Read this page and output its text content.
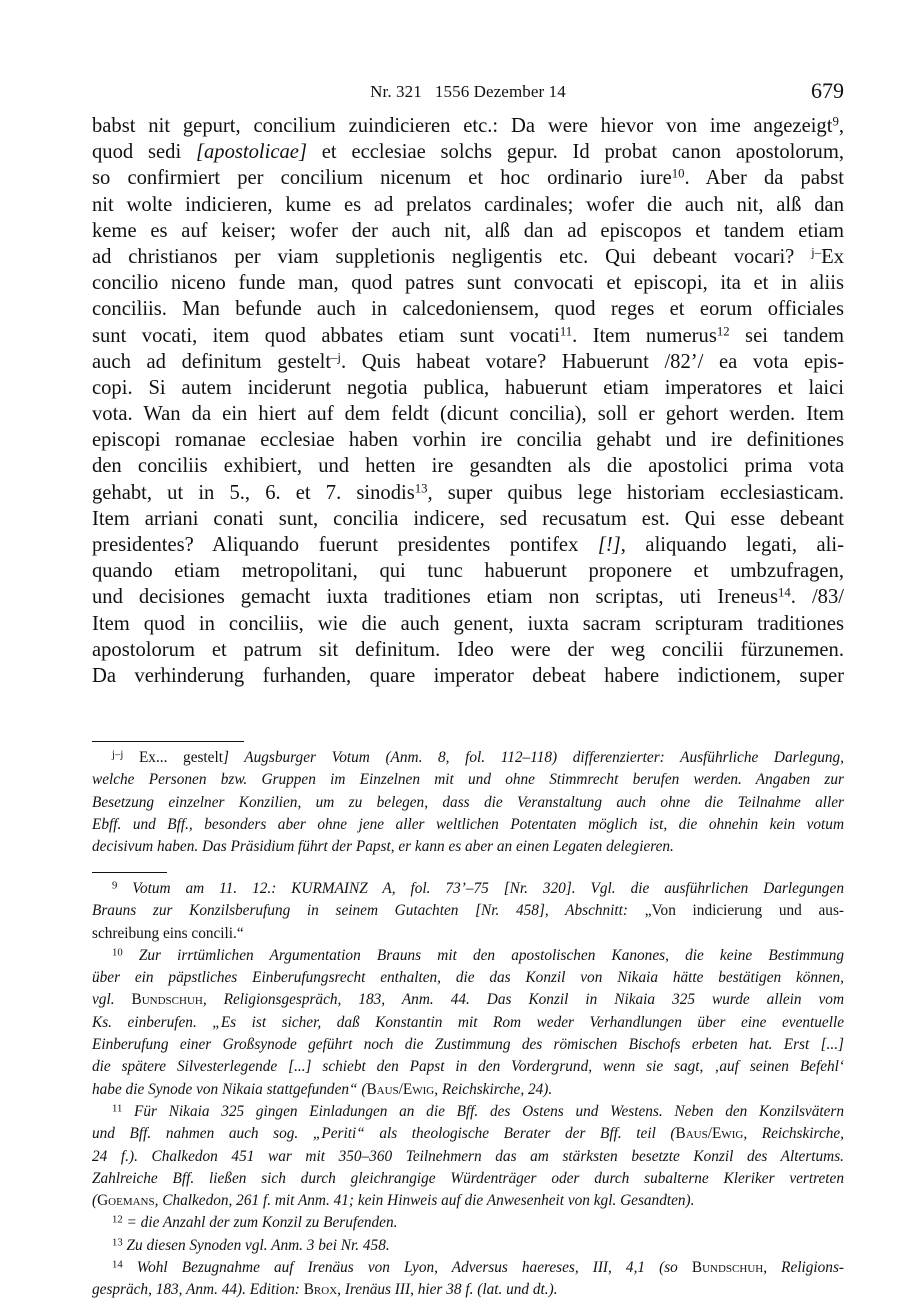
Nr. 321   1556 Dezember 14	679
babst nit gepurt, concilium zuindicieren etc.: Da were hievor von ime angezeigt$^9$,
quod sedi [apostolicae] et ecclesiae solchs gepur. Id probat canon apostolorum,
so confirmiert per concilium nicenum et hoc ordinario iure$^{10}$. Aber da pabst
nit wolte indicieren, kume es ad prelatos cardinales; wofer die auch nit, alß dan
keme es auf keiser; wofer der auch nit, alß dan ad episcopos et tandem etiam
ad christianos per viam suppletionis negligentis etc. Qui debeant vocari? $^{j-}$Ex
concilio niceno funde man, quod patres sunt convocati et episcopi, ita et in aliis
conciliis. Man befunde auch in calcedoniensem, quod reges et eorum officiales
sunt vocati, item quod abbates etiam sunt vocati$^{11}$. Item numerus$^{12}$ sei tandem
auch ad definitum gestelt$^{-j}$. Quis habeat votare? Habuerunt /82’/ ea vota epis-
copi. Si autem inciderunt negotia publica, habuerunt etiam imperatores et laici
vota. Wan da ein hiert auf dem feldt (dicunt concilia), soll er gehort werden. Item
episcopi romanae ecclesiae haben vorhin ire concilia gehabt und ire definitiones
den conciliis exhibiert, und hetten ire gesandten als die apostolici prima vota
gehabt, ut in 5., 6. et 7. sinodis$^{13}$, super quibus lege historiam ecclesiasticam.
Item arriani conati sunt, concilia indicere, sed recusatum est. Qui esse debeant
presidentes? Aliquando fuerunt presidentes pontifex [!], aliquando legati, ali-
quando etiam metropolitani, qui tunc habuerunt proponere et umbzufragen,
und decisiones gemacht iuxta traditiones etiam non scriptas, uti Ireneus$^{14}$. /83/
Item quod in conciliis, wie die auch genent, iuxta sacram scripturam traditiones
apostolorum et patrum sit definitum. Ideo were der weg concilii fürzunemen.
Da verhinderung furhanden, quare imperator debeat habere indictionem, super
$^{j-j}$ Ex... gestelt] Augsburger Votum (Anm. 8, fol. 112–118) differenzierter: Ausführliche Darlegung,
welche Personen bzw. Gruppen im Einzelnen mit und ohne Stimmrecht berufen werden. Angaben zur
Besetzung einzelner Konzilien, um zu belegen, dass die Veranstaltung auch ohne die Teilnahme aller
Ebff. und Bff., besonders aber ohne jene aller weltlichen Potentaten möglich ist, die ohnehin kein votum
decisivum haben. Das Präsidium führt der Papst, er kann es aber an einen Legaten delegieren.
$^9$ Votum am 11. 12.: KURMAINZ A, fol. 73’–75 [Nr. 320]. Vgl. die ausführlichen Darlegungen
Brauns zur Konzilsberufung in seinem Gutachten [Nr. 458], Abschnitt: „Von indicierung und aus-
schreibung eins concili.“
$^{10}$ Zur irrtümlichen Argumentation Brauns mit den apostolischen Kanones, die keine Bestimmung
über ein päpstliches Einberufungsrecht enthalten, die das Konzil von Nikaia hätte bestätigen können,
vgl. Bundschuh, Religionsgespräch, 183, Anm. 44. Das Konzil in Nikaia 325 wurde allein vom
Ks. einberufen. „Es ist sicher, daß Konstantin mit Rom weder Verhandlungen über eine eventuelle
Einberufung einer Großsynode geführt noch die Zustimmung des römischen Bischofs erbeten hat. Erst [...]
die spätere Silvesterlegende [...] schiebt den Papst in den Vordergrund, wenn sie sagt, ‚auf seinen Befehl‘
habe die Synode von Nikaia stattgefunden“ (Baus/Ewig, Reichskirche, 24).
$^{11}$ Für Nikaia 325 gingen Einladungen an die Bff. des Ostens und Westens. Neben den Konzilsvätern
und Bff. nahmen auch sog. „Periti“ als theologische Berater der Bff. teil (Baus/Ewig, Reichskirche,
24 f.). Chalkedon 451 war mit 350–360 Teilnehmern das am stärksten besetzte Konzil des Altertums.
Zahlreiche Bff. ließen sich durch gleichrangige Würdenträger oder durch subalterne Kleriker vertreten
(Goemans, Chalkedon, 261 f. mit Anm. 41; kein Hinweis auf die Anwesenheit von kgl. Gesandten).
$^{12}$ = die Anzahl der zum Konzil zu Berufenden.
$^{13}$ Zu diesen Synoden vgl. Anm. 3 bei Nr. 458.
$^{14}$ Wohl Bezugnahme auf Irenäus von Lyon, Adversus haereses, III, 4,1 (so Bundschuh, Religions-
gespräch, 183, Anm. 44). Edition: Brox, Irenäus III, hier 38 f. (lat. und dt.).
